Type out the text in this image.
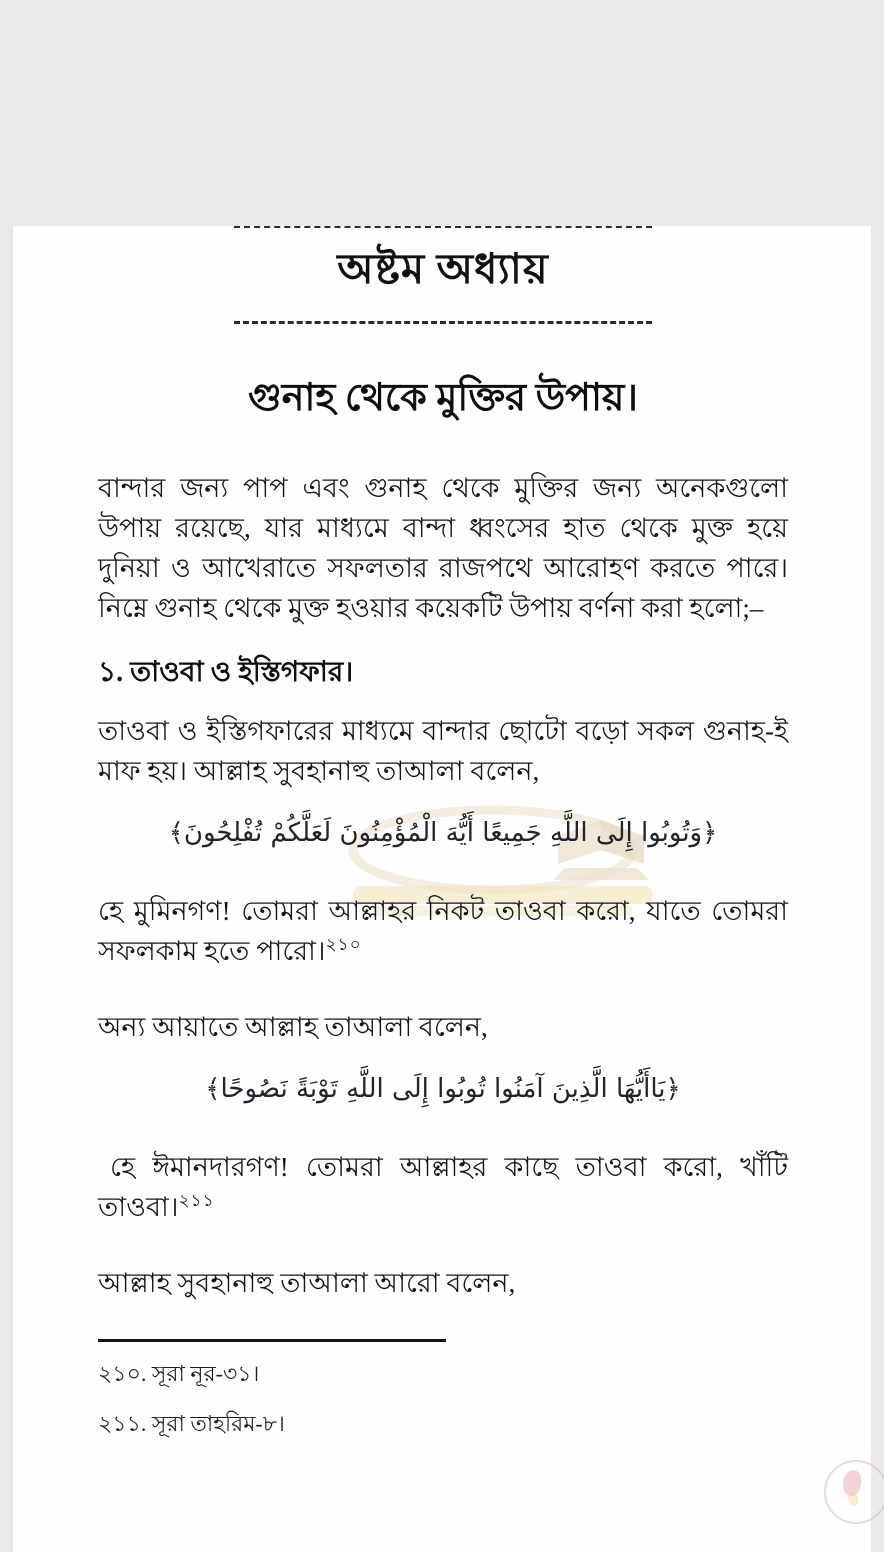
অষ্টম অধ্যায়
গুনাহ থেকে মুক্তির উপায়।

বান্দার জন্য পাপ এবং গুনাহ থেকে মুক্তির জন্য অনেকগুলো উপায় রয়েছে, যার মাধ্যমে বান্দা ধ্বংসের হাত থেকে মুক্ত হয়ে দুনিয়া ও আখেরাতে সফলতার রাজপথে আরোহণ করতে পারে। নিম্নে গুনাহ থেকে মুক্ত হওয়ার কয়েকটি উপায় বর্ণনা করা হলো;–

১. তাওবা ও ইস্তিগফার।

তাওবা ও ইস্তিগফারের মাধ্যমে বান্দার ছোটো বড়ো সকল গুনাহ-ই মাফ হয়। আল্লাহ সুবহানাহু তাআলা বলেন,

﴿وَتُوبُوا إِلَى اللَّهِ جَمِيعًا أَيُّهَ الْمُؤْمِنُونَ لَعَلَّكُمْ تُفْلِحُونَ﴾

হে মুমিনগণ! তোমরা আল্লাহর নিকট তাওবা করো, যাতে তোমরা সফলকাম হতে পারো।$^{২১০}$

অন্য আয়াতে আল্লাহ তাআলা বলেন,

﴿يَاأَيُّهَا الَّذِينَ آمَنُوا تُوبُوا إِلَى اللَّهِ تَوْبَةً نَصُوحًا﴾

হে ঈমানদারগণ! তোমরা আল্লাহর কাছে তাওবা করো, খাঁটি তাওবা।$^{২১১}$

আল্লাহ সুবহানাহু তাআলা আরো বলেন,

২১০. সূরা নূর-৩১।

২১১. সূরা তাহরিম-৮।
